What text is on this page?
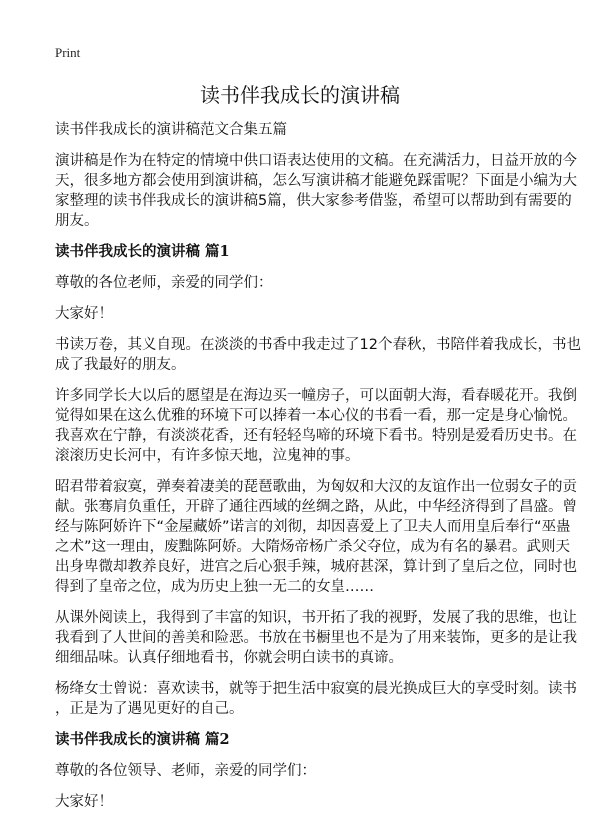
Print
读书伴我成长的演讲稿
读书伴我成长的演讲稿范文合集五篇
演讲稿是作为在特定的情境中供口语表达使用的文稿。在充满活力，日益开放的今
天，很多地方都会使用到演讲稿，怎么写演讲稿才能避免踩雷呢？下面是小编为大
家整理的读书伴我成长的演讲稿5篇，供大家参考借鉴，希望可以帮助到有需要的
朋友。
读书伴我成长的演讲稿 篇1
尊敬的各位老师，亲爱的同学们：
大家好！
书读万卷，其义自现。在淡淡的书香中我走过了12个春秋，书陪伴着我成长，书也
成了我最好的朋友。
许多同学长大以后的愿望是在海边买一幢房子，可以面朝大海，看春暖花开。我倒
觉得如果在这么优雅的环境下可以捧着一本心仪的书看一看，那一定是身心愉悦。
我喜欢在宁静，有淡淡花香，还有轻轻鸟啼的环境下看书。特别是爱看历史书。在
滚滚历史长河中，有许多惊天地，泣鬼神的事。
昭君带着寂寞，弹奏着凄美的琵琶歌曲，为匈奴和大汉的友谊作出一位弱女子的贡
献。张骞肩负重任，开辟了通往西域的丝绸之路，从此，中华经济得到了昌盛。曾
经与陈阿娇许下“金屋藏娇”诺言的刘彻，却因喜爱上了卫夫人而用皇后奉行“巫蛊
之术”这一理由，废黜陈阿娇。大隋炀帝杨广杀父夺位，成为有名的暴君。武则天
出身卑微却教养良好，进宫之后心狠手辣，城府甚深，算计到了皇后之位，同时也
得到了皇帝之位，成为历史上独一无二的女皇……
从课外阅读上，我得到了丰富的知识，书开拓了我的视野，发展了我的思维，也让
我看到了人世间的善美和险恶。书放在书橱里也不是为了用来装饰，更多的是让我
细细品味。认真仔细地看书，你就会明白读书的真谛。
杨绛女士曾说：喜欢读书，就等于把生活中寂寞的晨光换成巨大的享受时刻。读书
，正是为了遇见更好的自己。
读书伴我成长的演讲稿 篇2
尊敬的各位领导、老师，亲爱的同学们：
大家好！
